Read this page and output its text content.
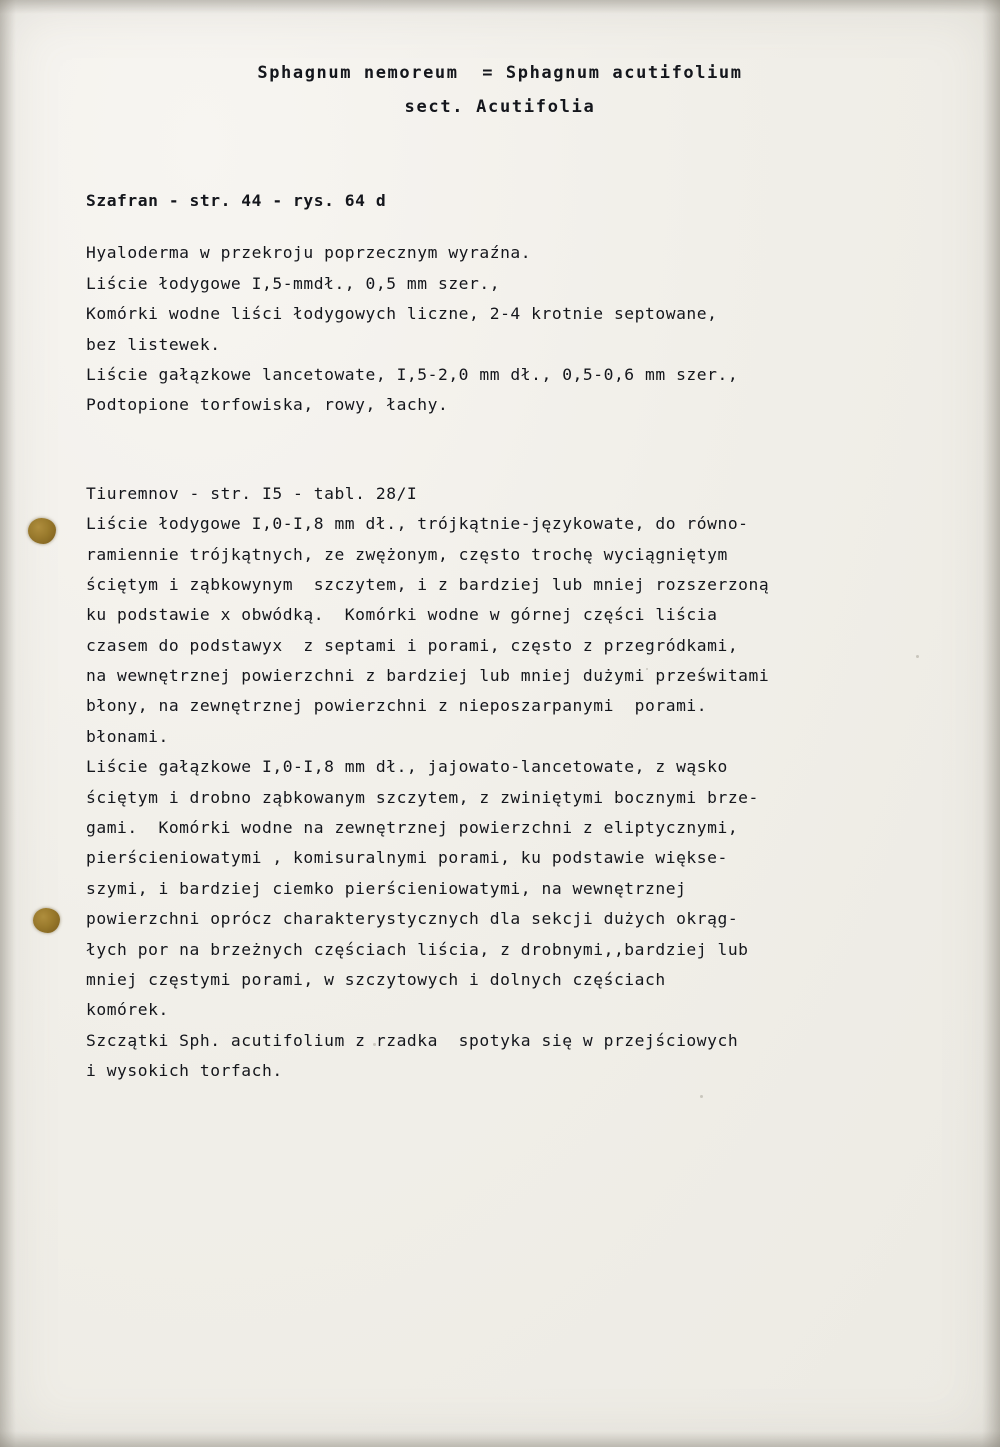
Sphagnum nemoreum  = Sphagnum acutifolium
sect. Acutifolia
Szafran - str. 44 - rys. 64 d
Hyaloderma w przekroju poprzecznym wyraźna.
Liście łodygowe I,5-mmdł., 0,5 mm szer.,
Komórki wodne liści łodygowych liczne, 2-4 krotnie septowane,
bez listewek.
Liście gałązkowe lancetowate, I,5-2,0 mm dł., 0,5-0,6 mm szer.,
Podtopione torfowiska, rowy, łachy.
Tiuremnov - str. I5 - tabl. 28/I
Liście łodygowe I,0-I,8 mm dł., trójkątnie-językowate, do równo-
ramiennie trójkątnych, ze zwężonym, często trochę wyciągniętym
ściętym i ząbkowynym  szczytem, i z bardziej lub mniej rozszerzoną
ku podstawie x obwódką.  Komórki wodne w górnej części liścia
czasem do podstawyx  z septami i porami, często z przegródkami,
na wewnętrznej powierzchni z bardziej lub mniej dużymi prześwitami
błony, na zewnętrznej powierzchni z nieposzarpanymi  porami.
błonami.
Liście gałązkowe I,0-I,8 mm dł., jajowato-lancetowate, z wąsko
ściętym i drobno ząbkowanym szczytem, z zwiniętymi bocznymi brze-
gami.  Komórki wodne na zewnętrznej powierzchni z eliptycznymi,
pierścieniowatymi , komisuralnymi porami, ku podstawie więkse-
szymi, i bardziej ciemko pierścieniowatymi, na wewnętrznej
powierzchni oprócz charakterystycznych dla sekcji dużych okrąg-
łych por na brzeżnych częściach liścia, z drobnymi,,bardziej lub
mniej częstymi porami, w szczytowych i dolnych częściach
komórek.
Szczątki Sph. acutifolium z rzadka  spotyka się w przejściowych
i wysokich torfach.
